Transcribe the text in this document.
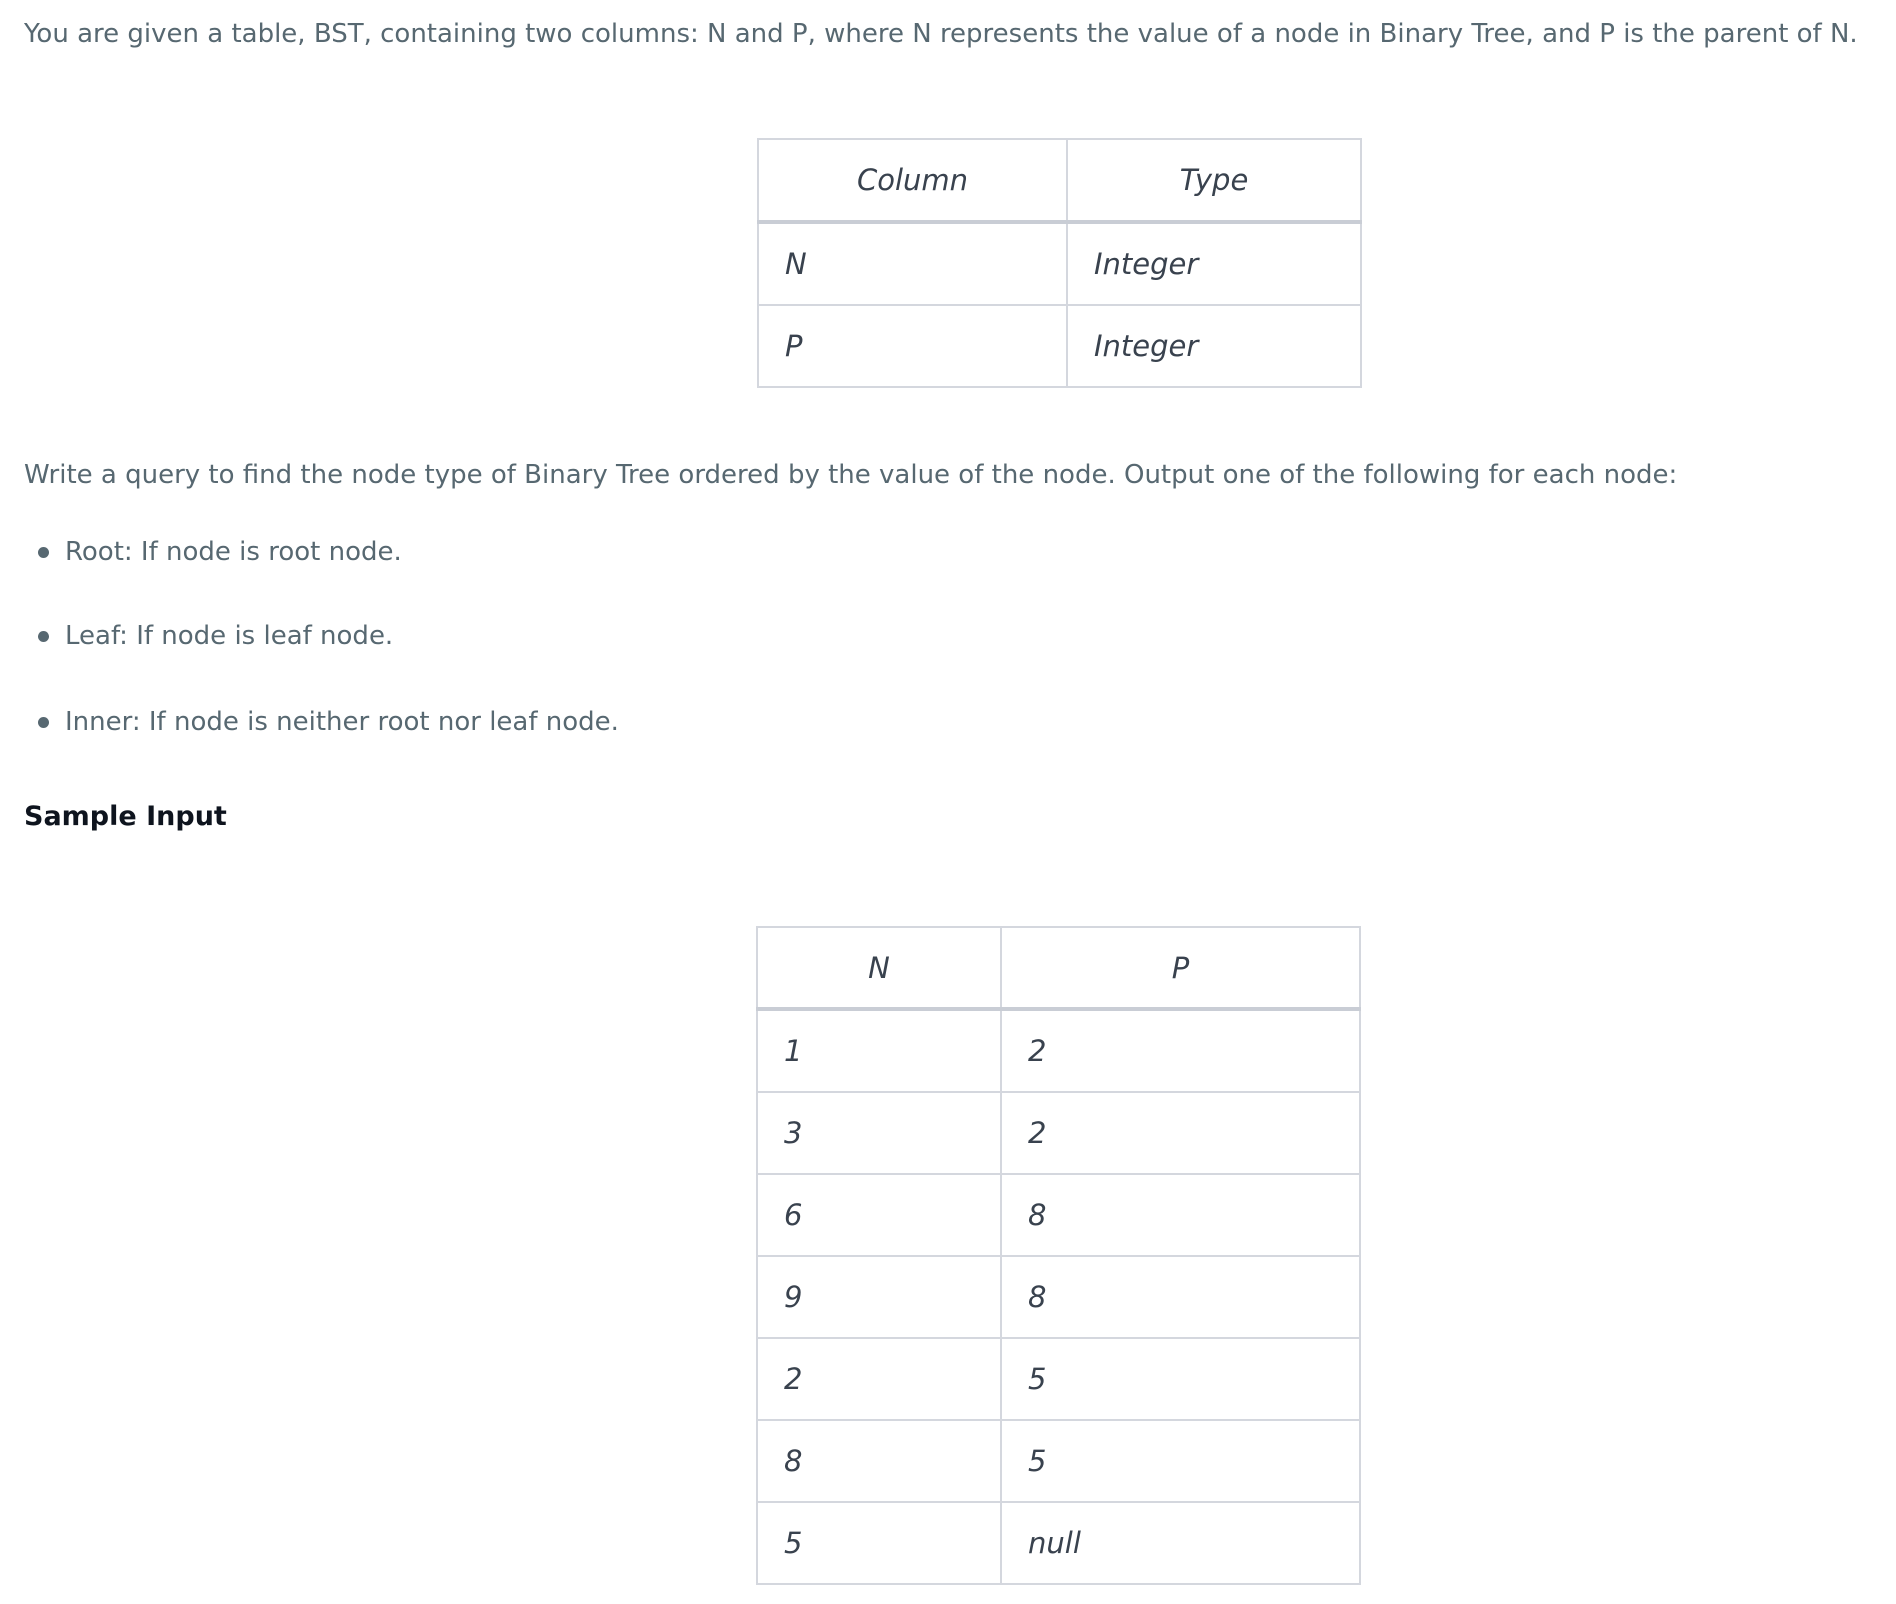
You are given a table, BST, containing two columns: N and P, where N represents the value of a node in Binary Tree, and P is the parent of N.
Column	Type
N	Integer
P	Integer
Write a query to find the node type of Binary Tree ordered by the value of the node. Output one of the following for each node:
Root: If node is root node.
Leaf: If node is leaf node.
Inner: If node is neither root nor leaf node.
Sample Input
N	P
1	2
3	2
6	8
9	8
2	5
8	5
5	null
